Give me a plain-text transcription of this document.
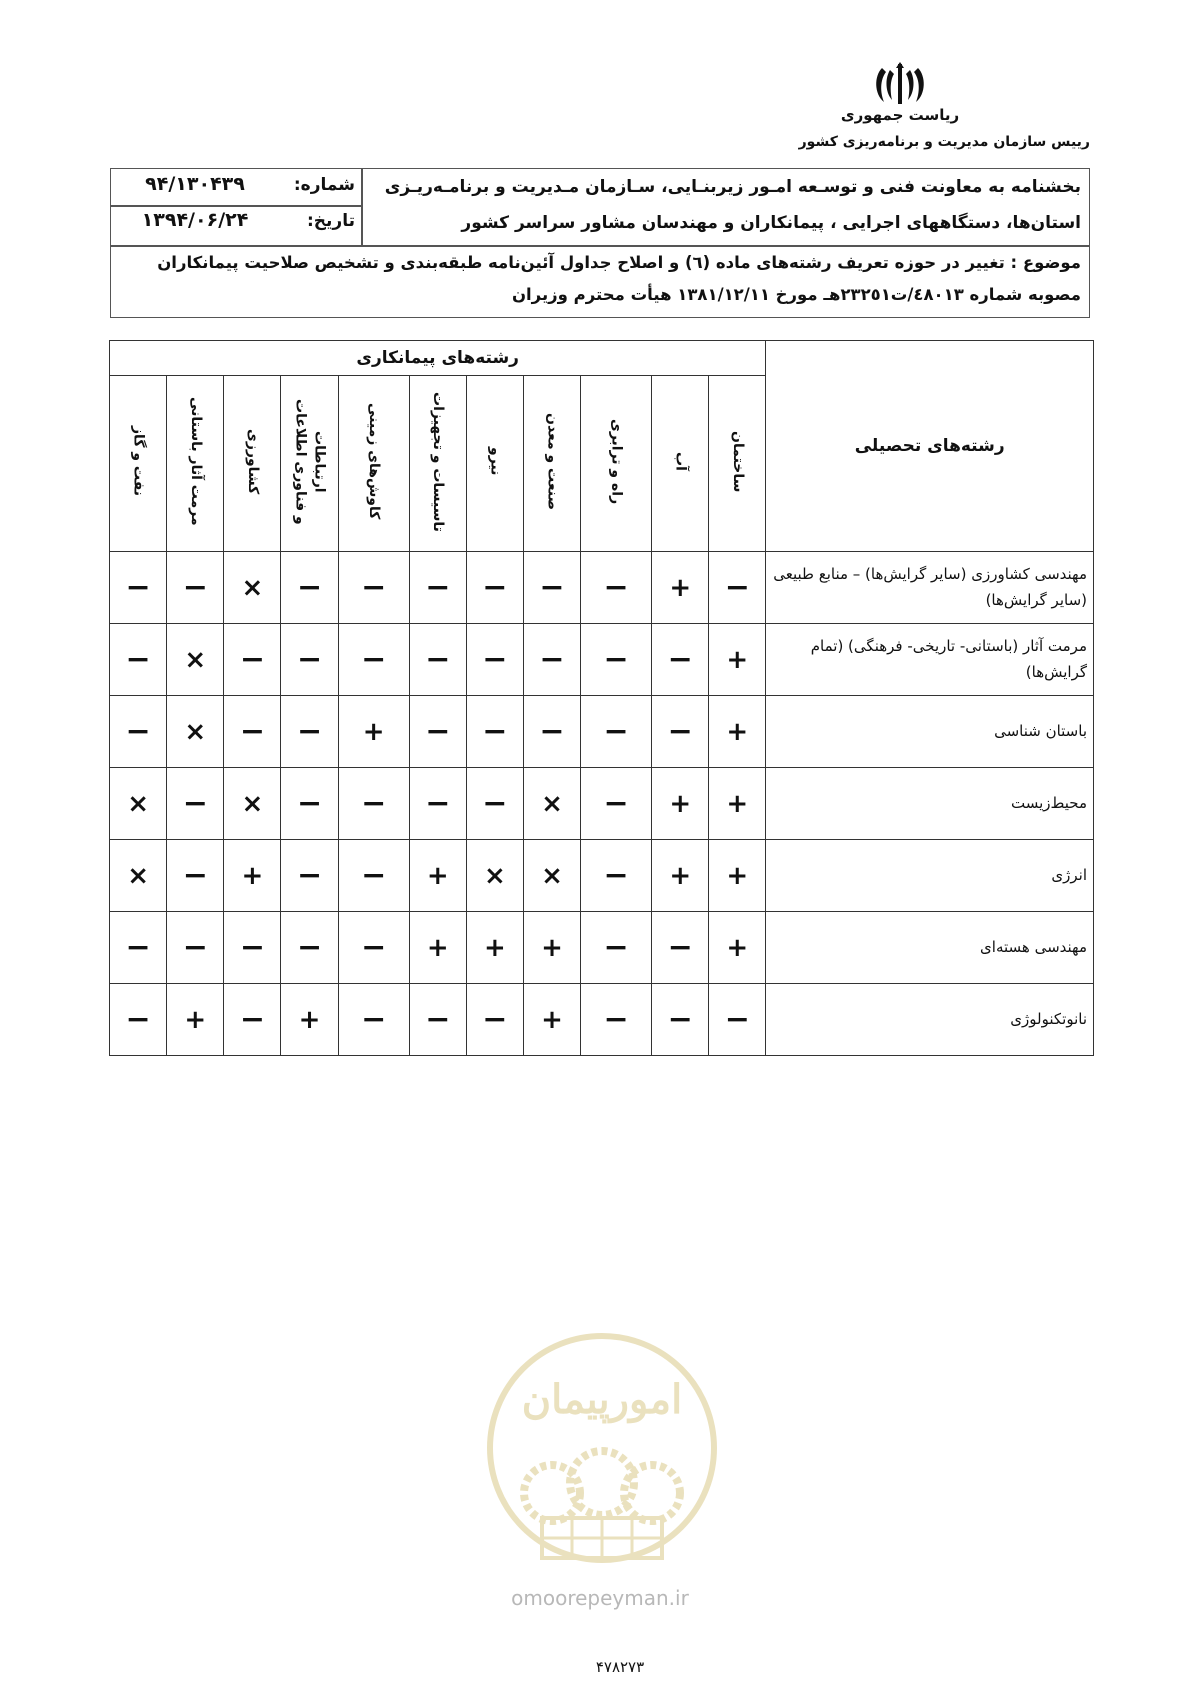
ریاست جمهوری
رییس سازمان مدیریت و برنامه‌ریزی کشور
بخشنامه به معاونت فنی و توسـعه امـور زیربنـایی، سـازمان مـدیریت و برنامـه‌ریـزی
استان‌ها، دستگاههای اجرایی ، پیمانکاران و مهندسان مشاور سراسر کشور
شماره:
۹۴/۱۳۰۴۳۹
تاریخ:
۱۳۹۴/۰۶/۲۴
موضوع : تغییر در حوزه تعریف رشته‌های ماده (٦) و اصلاح جداول آئین‌نامه طبقه‌بندی و تشخیص صلاحیت پیمانکاران
مصوبه شماره ٤٨٠١٣/ت٢٣٢٥١هـ مورخ ۱۳۸۱/۱۲/۱۱ هیأت محترم وزیران
رشته‌های تحصیلی	رشته‌های پیمانکاری										
	ساختمان	آب	راه و ترابری	صنعت و معدن	نیرو	تاسیسات و تجهیزات	کاوش‌های زمینی	ارتباطات
و فناوری اطلاعات	کشاورزی	مرمت آثار باستانی	نفت و گاز
مهندسی کشاورزی (سایر گرایش‌ها) – منابع طبیعی (سایر گرایش‌ها)	−	+	−	−	−	−	−	−	×	−	−
مرمت آثار (باستانی- تاریخی- فرهنگی) (تمام گرایش‌ها)	+	−	−	−	−	−	−	−	−	×	−
باستان شناسی	+	−	−	−	−	−	+	−	−	×	−
محیط‌زیست	+	+	−	×	−	−	−	−	×	−	×
انرژی	+	+	−	×	×	+	−	−	+	−	×
مهندسی هسته‌ای	+	−	−	+	+	+	−	−	−	−	−
نانوتکنولوژی	−	−	−	+	−	−	−	+	−	+	−
امورپیمان
omoorepeyman.ir
۴۷۸۲۷۳
